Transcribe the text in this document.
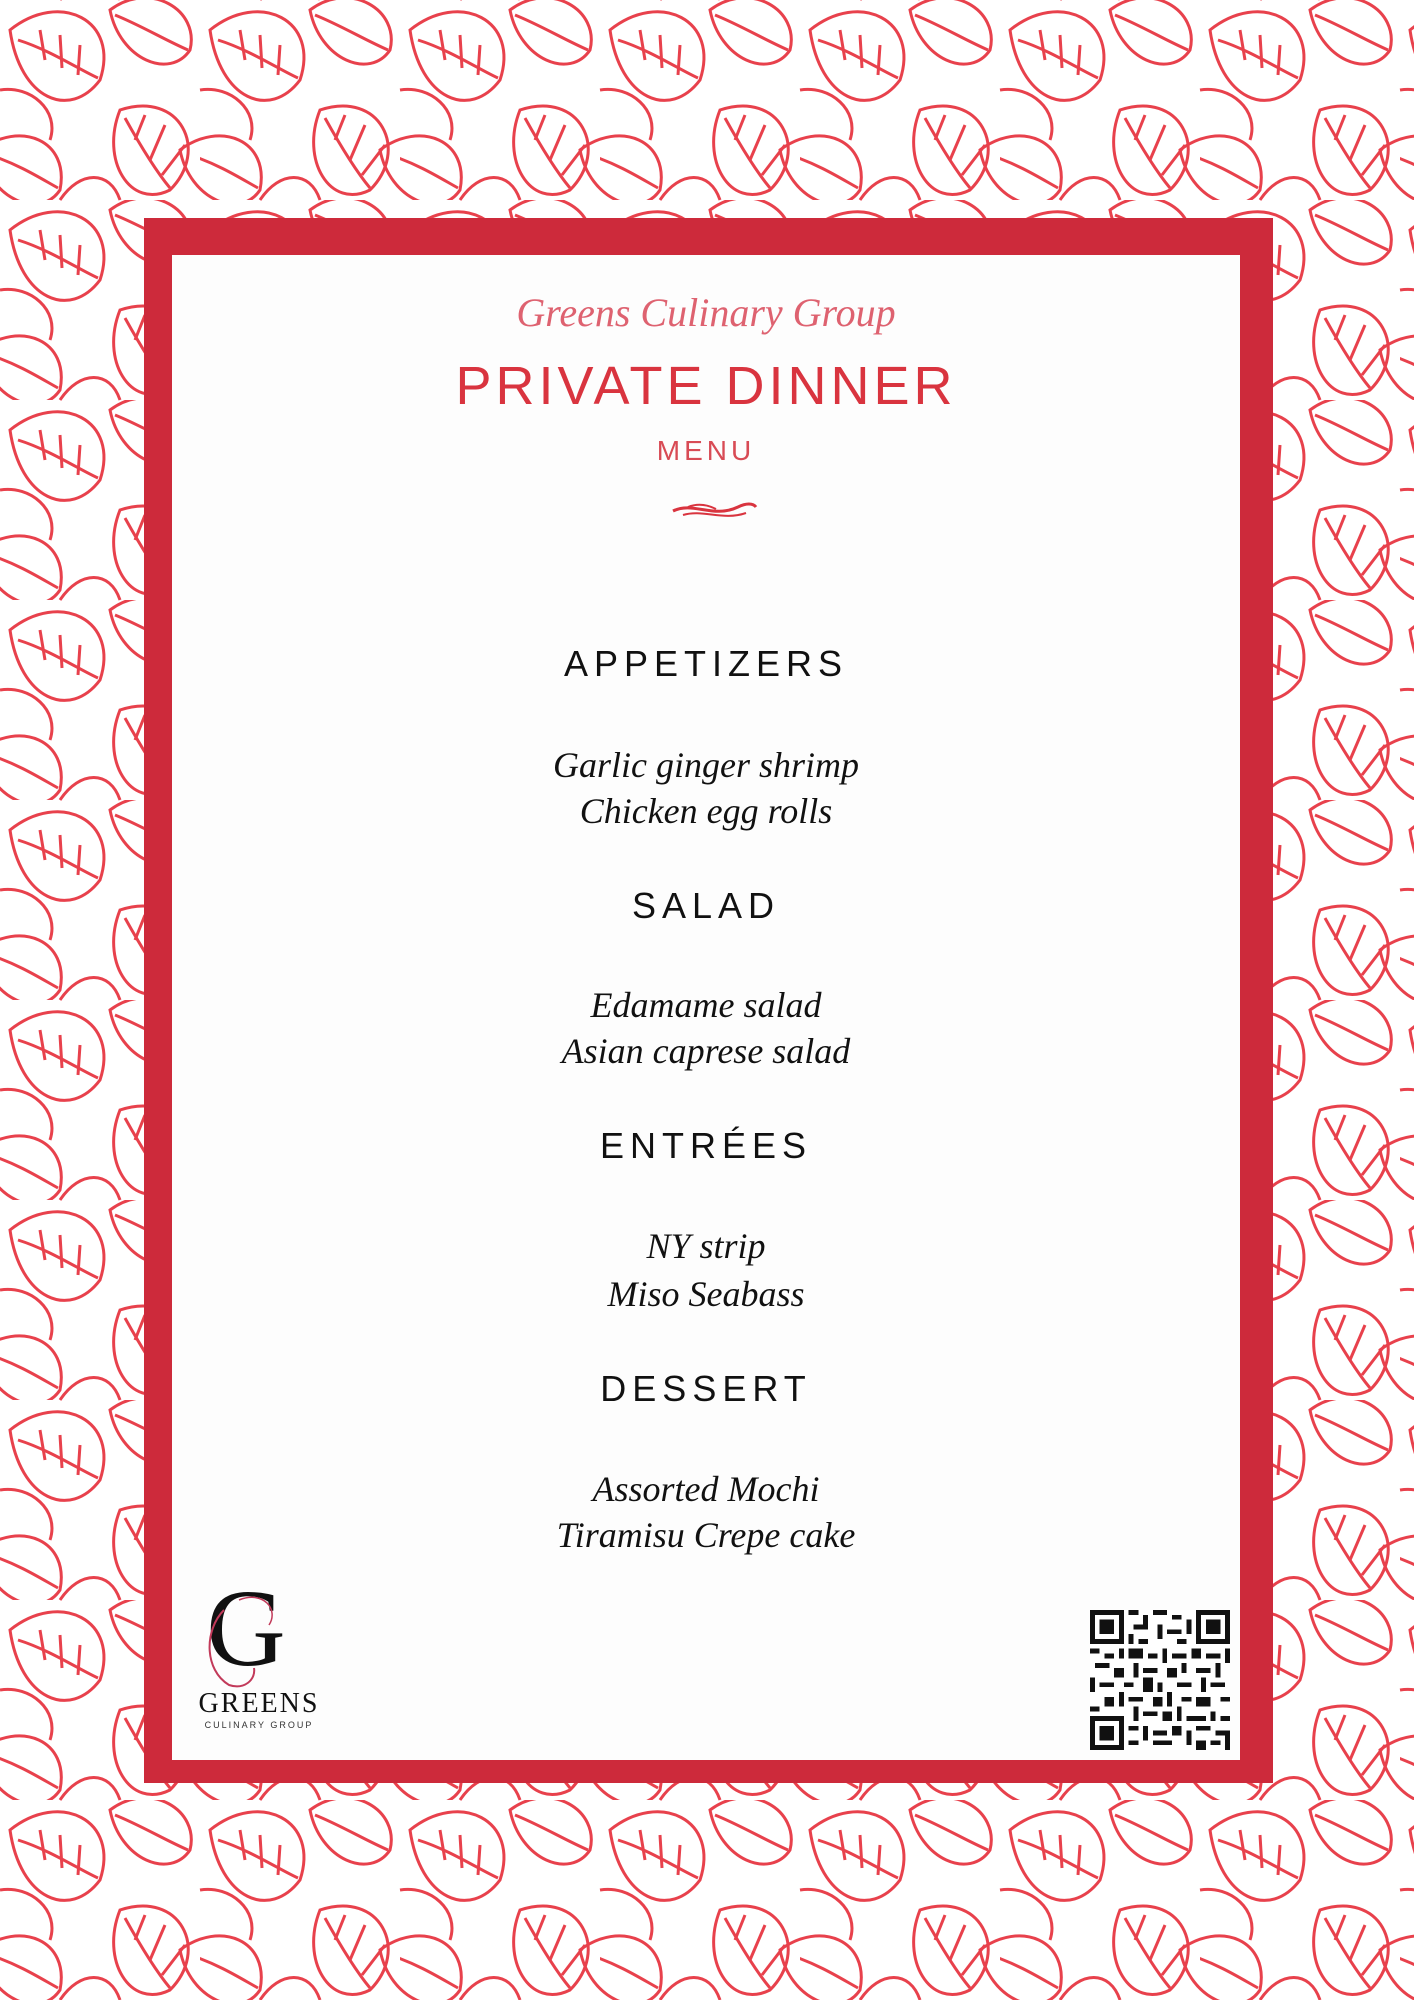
Greens Culinary Group
PRIVATE DINNER
MENU
APPETIZERS
Garlic ginger shrimp
Chicken egg rolls
SALAD
Edamame salad
Asian caprese salad
ENTRÉES
NY strip
Miso Seabass
DESSERT
Assorted Mochi
Tiramisu Crepe cake
G
GREENS
CULINARY GROUP
